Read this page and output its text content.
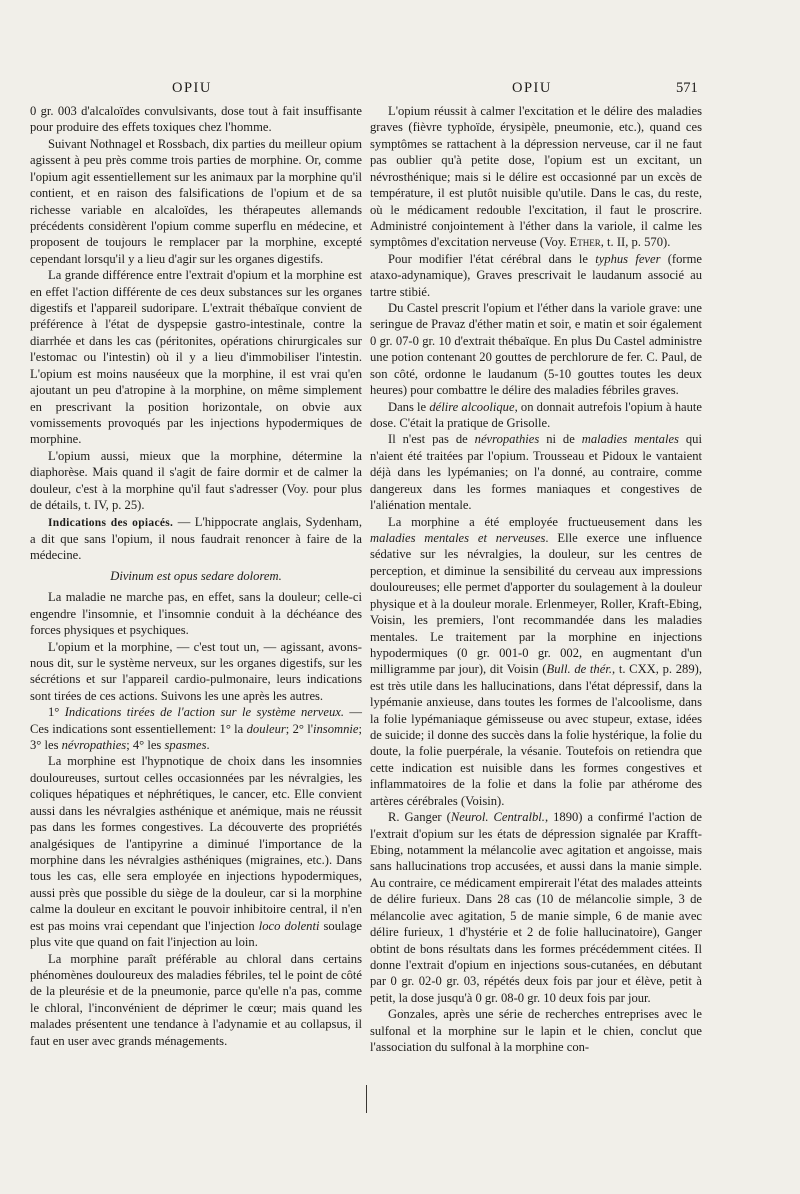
OPIU	OPIU	571

0 gr. 003 d'alcaloïdes convulsivants, dose tout à fait insuffisante pour produire des effets toxiques chez l'homme.

Suivant Nothnagel et Rossbach, dix parties du meilleur opium agissent à peu près comme trois parties de morphine. Or, comme l'opium agit essentiellement sur les animaux par la morphine qu'il contient, et en raison des falsifications de l'opium et de sa richesse variable en alcaloïdes, les thérapeutes allemands précédents considèrent l'opium comme superflu en médecine, et proposent de toujours le remplacer par la morphine, excepté cependant lorsqu'il y a lieu d'agir sur les organes digestifs.

La grande différence entre l'extrait d'opium et la morphine est en effet l'action différente de ces deux substances sur les organes digestifs et l'appareil sudoripare. L'extrait thébaïque convient de préférence à l'état de dyspepsie gastro-intestinale, contre la diarrhée et dans les cas (péritonites, opérations chirurgicales sur l'estomac ou l'intestin) où il y a lieu d'immobiliser l'intestin. L'opium est moins nauséeux que la morphine, il est vrai qu'en ajoutant un peu d'atropine à la morphine, on même simplement en prescrivant la position horizontale, on obvie aux vomissements provoqués par les injections hypodermiques de morphine.

L'opium aussi, mieux que la morphine, détermine la diaphorèse. Mais quand il s'agit de faire dormir et de calmer la douleur, c'est à la morphine qu'il faut s'adresser (Voy. pour plus de détails, t. IV, p. 25).

Indications des opiacés. — L'hippocrate anglais, Sydenham, a dit que sans l'opium, il nous faudrait renoncer à faire de la médecine.

Divinum est opus sedare dolorem.

La maladie ne marche pas, en effet, sans la douleur; celle-ci engendre l'insomnie, et l'insomnie conduit à la déchéance des forces physiques et psychiques.

L'opium et la morphine, — c'est tout un, — agissant, avons-nous dit, sur le système nerveux, sur les organes digestifs, sur les sécrétions et sur l'appareil cardio-pulmonaire, leurs indications sont tirées de ces actions. Suivons les une après les autres.

1° Indications tirées de l'action sur le système nerveux. — Ces indications sont essentiellement: 1° la douleur; 2° l'insomnie; 3° les névropathies; 4° les spasmes.

La morphine est l'hypnotique de choix dans les insomnies douloureuses, surtout celles occasionnées par les névralgies, les coliques hépatiques et néphrétiques, le cancer, etc. Elle convient aussi dans les névralgies asthénique et anémique, mais ne réussit pas dans les formes congestives. La découverte des propriétés analgésiques de l'antipyrine a diminué l'importance de la morphine dans les névralgies asthéniques (migraines, etc.). Dans tous les cas, elle sera employée en injections hypodermiques, aussi près que possible du siège de la douleur, car si la morphine calme la douleur en excitant le pouvoir inhibitoire central, il n'en est pas moins vrai cependant que l'injection loco dolenti soulage plus vite que quand on fait l'injection au loin.

La morphine paraît préférable au chloral dans certains phénomènes douloureux des maladies fébriles, tel le point de côté de la pleurésie et de la pneumonie, parce qu'elle n'a pas, comme le chloral, l'inconvénient de déprimer le cœur; mais quand les malades présentent une tendance à l'adynamie et au collapsus, il faut en user avec grands ménagements.

L'opium réussit à calmer l'excitation et le délire des maladies graves (fièvre typhoïde, érysipèle, pneumonie, etc.), quand ces symptômes se rattachent à la dépression nerveuse, car il ne faut pas oublier qu'à petite dose, l'opium est un excitant, un névrosthénique; mais si le délire est occasionné par un excès de température, il est plutôt nuisible qu'utile. Dans le cas, du reste, où le médicament redouble l'excitation, il faut le proscrire. Administré conjointement à l'éther dans la variole, il calme les symptômes d'excitation nerveuse (Voy. Ether, t. II, p. 570).

Pour modifier l'état cérébral dans le typhus fever (forme ataxo-adynamique), Graves prescrivait le laudanum associé au tartre stibié.

Du Castel prescrit l'opium et l'éther dans la variole grave: une seringue de Pravaz d'éther matin et soir, e matin et soir également 0 gr. 07-0 gr. 10 d'extrait thébaïque. En plus Du Castel administre une potion contenant 20 gouttes de perchlorure de fer. C. Paul, de son côté, ordonne le laudanum (5-10 gouttes toutes les deux heures) pour combattre le délire des maladies fébriles graves.

Dans le délire alcoolique, on donnait autrefois l'opium à haute dose. C'était la pratique de Grisolle.

Il n'est pas de névropathies ni de maladies mentales qui n'aient été traitées par l'opium. Trousseau et Pidoux le vantaient déjà dans les lypémanies; on l'a donné, au contraire, comme dangereux dans les formes maniaques et congestives de l'aliénation mentale.

La morphine a été employée fructueusement dans les maladies mentales et nerveuses. Elle exerce une influence sédative sur les névralgies, la douleur, sur les centres de perception, et diminue la sensibilité du cerveau aux impressions douloureuses; elle permet d'apporter du soulagement à la douleur physique et à la douleur morale. Erlenmeyer, Roller, Kraft-Ebing, Voisin, les premiers, l'ont recommandée dans les maladies mentales. Le traitement par la morphine en injections hypodermiques (0 gr. 001-0 gr. 002, en augmentant d'un milligramme par jour), dit Voisin (Bull. de thér., t. CXX, p. 289), est très utile dans les hallucinations, dans l'état dépressif, dans la lypémanie anxieuse, dans toutes les formes de l'alcoolisme, dans la folie lypémaniaque gémisseuse ou avec stupeur, extase, idées de suicide; il donne des succès dans la folie hystérique, la folie du doute, la folie puerpérale, la vésanie. Toutefois on retiendra que cette indication est nuisible dans les formes congestives et inflammatoires de la folie et dans la folie par athérome des artères cérébrales (Voisin).

R. Ganger (Neurol. Centralbl., 1890) a confirmé l'action de l'extrait d'opium sur les états de dépression signalée par Krafft-Ebing, notamment la mélancolie avec agitation et angoisse, mais sans hallucinations trop accusées, et aussi dans la manie simple. Au contraire, ce médicament empirerait l'état des malades atteints de délire furieux. Dans 28 cas (10 de mélancolie simple, 3 de mélancolie avec agitation, 5 de manie simple, 6 de manie avec délire furieux, 1 d'hystérie et 2 de folie hallucinatoire), Ganger obtint de bons résultats dans les formes précédemment citées. Il donne l'extrait d'opium en injections sous-cutanées, en débutant par 0 gr. 02-0 gr. 03, répétés deux fois par jour et élève, petit à petit, la dose jusqu'à 0 gr. 08-0 gr. 10 deux fois par jour.

Gonzales, après une série de recherches entreprises avec le sulfonal et la morphine sur le lapin et le chien, conclut que l'association du sulfonal à la morphine con-
